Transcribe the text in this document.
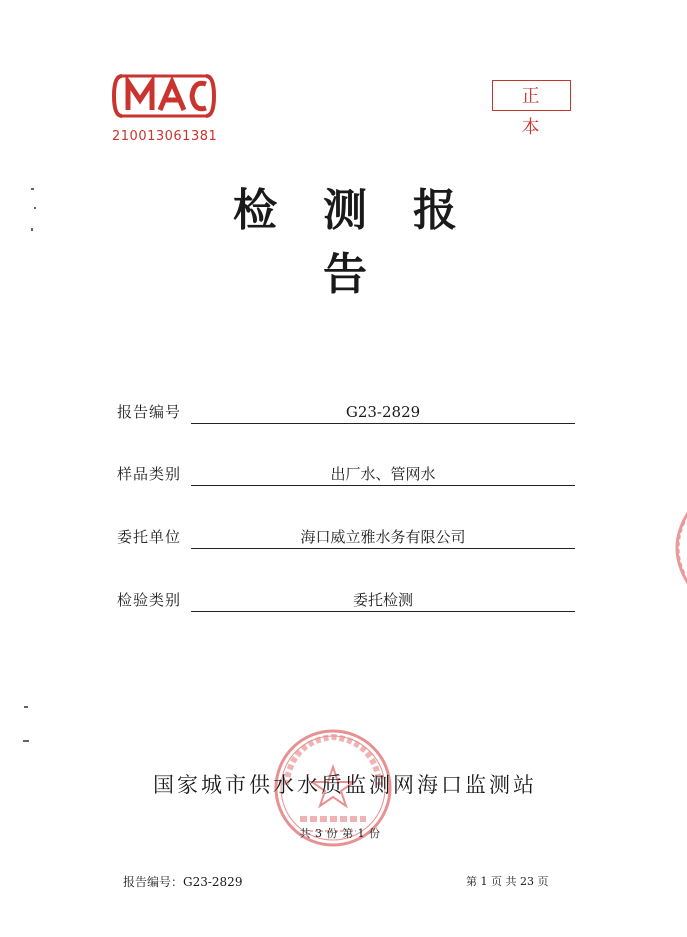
210013061381
正本
检测报告
报告编号	G23-2829
样品类别	出厂水、管网水
委托单位	海口威立雅水务有限公司
检验类别	委托检测
国家城市供水水质监测网海口监测站
共 3 份 第 1 份
报告编号：G23-2829	第 1 页 共 23 页
